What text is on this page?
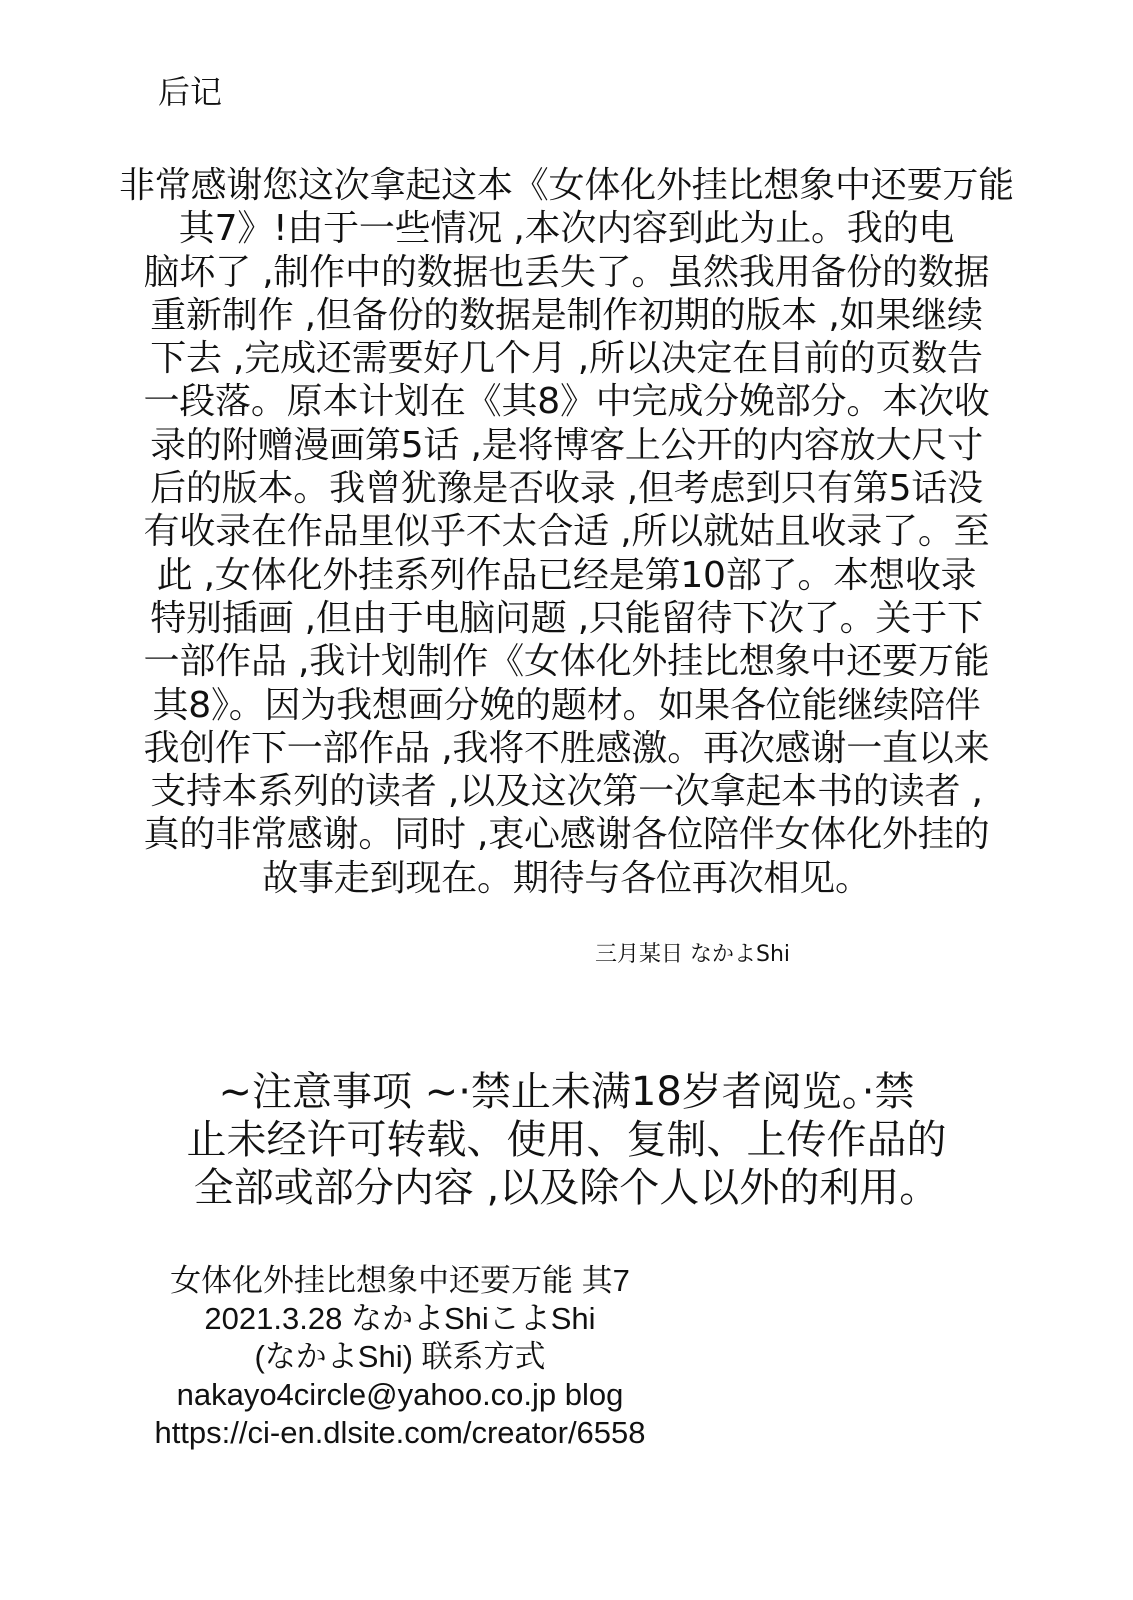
后记
非常感谢您这次拿起这本《女体化外挂比想象中还要万能
其7》!由于一些情况 ,本次内容到此为止。我的电
脑坏了 ,制作中的数据也丢失了。虽然我用备份的数据
重新制作 ,但备份的数据是制作初期的版本 ,如果继续
下去 ,完成还需要好几个月 ,所以决定在目前的页数告
一段落。原本计划在《其8》中完成分娩部分。本次收
录的附赠漫画第5话 ,是将博客上公开的内容放大尺寸
后的版本。我曾犹豫是否收录 ,但考虑到只有第5话没
有收录在作品里似乎不太合适 ,所以就姑且收录了。至
此 ,女体化外挂系列作品已经是第10部了。本想收录
特别插画 ,但由于电脑问题 ,只能留待下次了。关于下
一部作品 ,我计划制作《女体化外挂比想象中还要万能
其8》。因为我想画分娩的题材。如果各位能继续陪伴
我创作下一部作品 ,我将不胜感激。再次感谢一直以来
支持本系列的读者 ,以及这次第一次拿起本书的读者 ,
真的非常感谢。同时 ,衷心感谢各位陪伴女体化外挂的
故事走到现在。期待与各位再次相见。
三月某日 なかよShi
~注意事项 ~·禁止未满18岁者阅览。·禁
止未经许可转载、使用、复制、上传作品的
全部或部分内容 ,以及除个人以外的利用。
女体化外挂比想象中还要万能 其7
2021.3.28 なかよShiこよShi
(なかよShi) 联系方式
nakayo4circle@yahoo.co.jp blog
https://ci-en.dlsite.com/creator/6558
